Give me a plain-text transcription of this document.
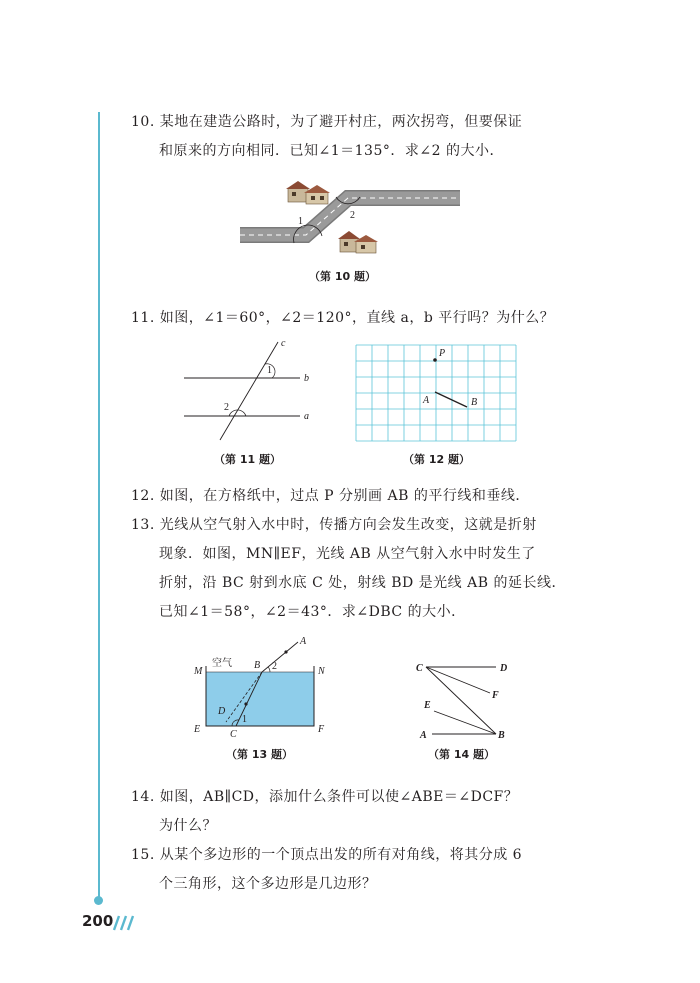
10. 某地在建造公路时，为了避开村庄，两次拐弯，但要保证
和原来的方向相同．已知∠1＝135°．求∠2 的大小．
1
2
（第 10 题）
11. 如图，∠1＝60°，∠2＝120°，直线 a，b 平行吗？为什么？
c
b
a
1
2
（第 11 题）
P
A	B
（第 12 题）
12. 如图，在方格纸中，过点 P 分别画 AB 的平行线和垂线．
13. 光线从空气射入水中时，传播方向会发生改变，这就是折射
现象．如图，MN∥EF，光线 AB 从空气射入水中时发生了
折射，沿 BC 射到水底 C 处，射线 BD 是光线 AB 的延长线．
已知∠1＝58°，∠2＝43°．求∠DBC 的大小．
空气
M	N
E	F
A
B
C
D
2
1
（第 13 题）
C	D
E
F
A	B
（第 14 题）
14. 如图，AB∥CD，添加什么条件可以使∠ABE＝∠DCF？
为什么？
15. 从某个多边形的一个顶点出发的所有对角线，将其分成 6
个三角形，这个多边形是几边形？
200
